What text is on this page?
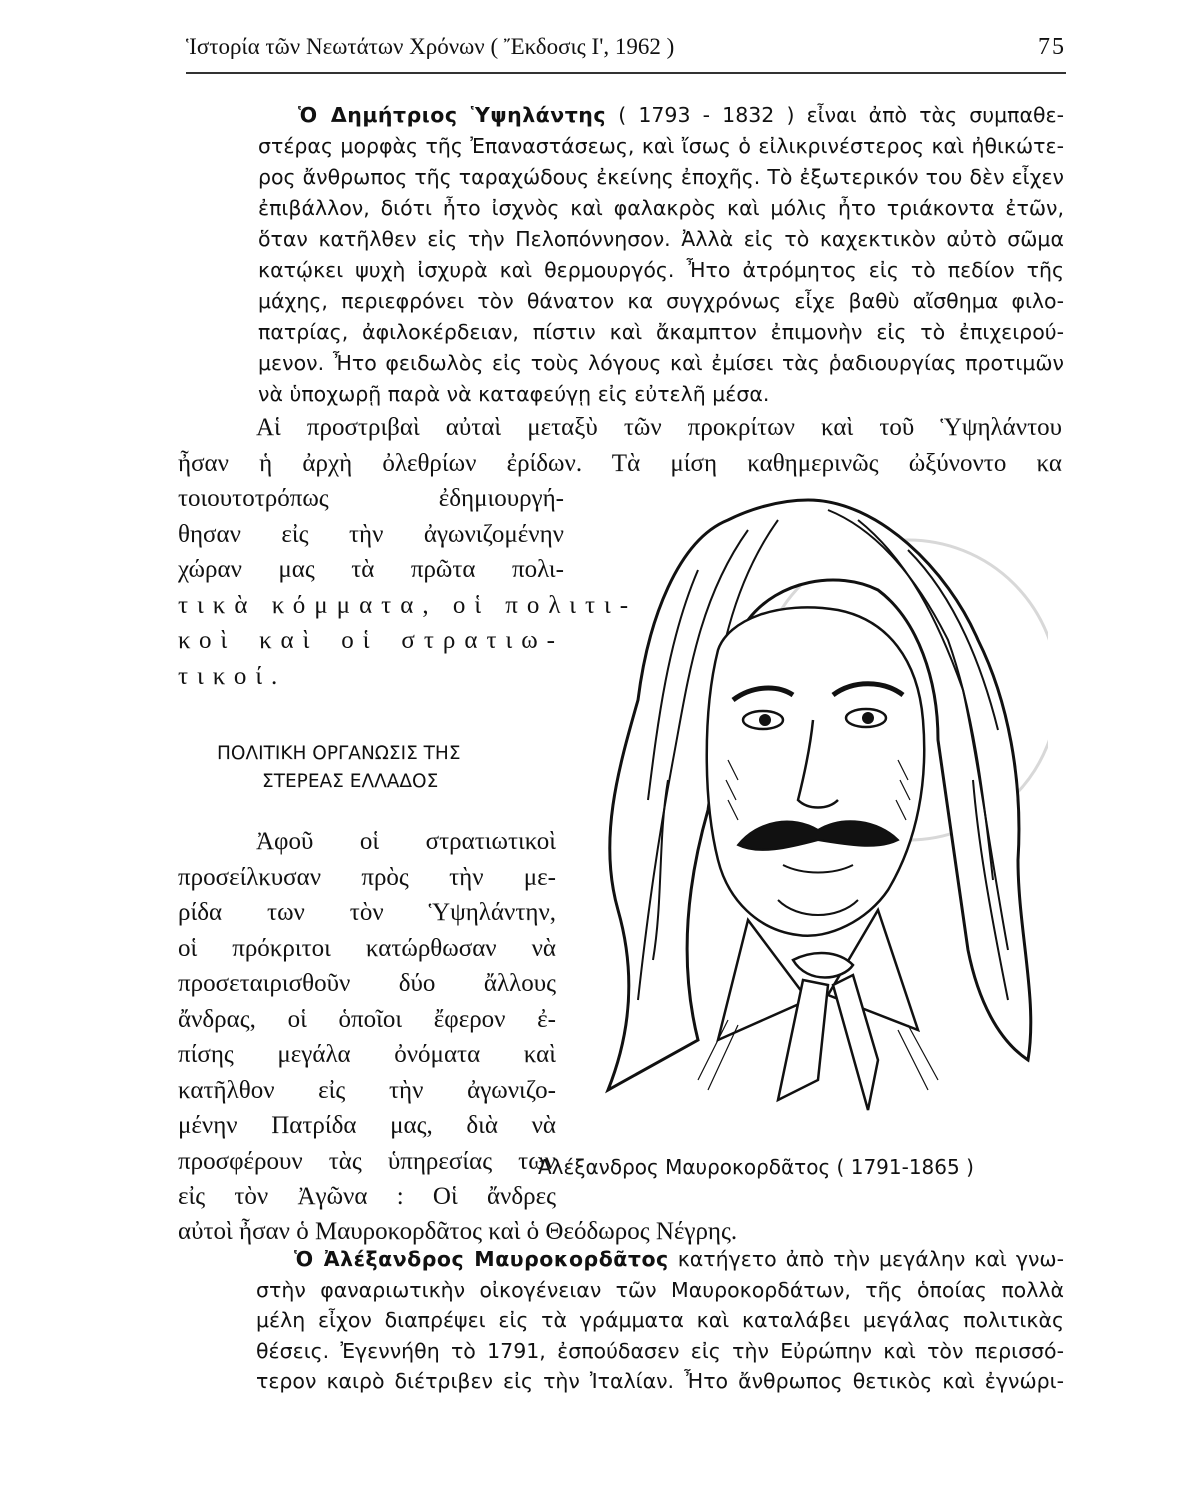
Ἱστορία τῶν Νεωτάτων Χρόνων ( Ἔκδοσις Ι', 1962 )	75
Ὁ Δημήτριος Ὑψηλάντης ( 1793 - 1832 ) εἶναι ἀπὸ τὰς συμπαθε-
στέρας μορφὰς τῆς Ἐπαναστάσεως, καὶ ἴσως ὁ εἰλικρινέστερος καὶ ἠθικώτε-
ρος ἄνθρωπος τῆς ταραχώδους ἐκείνης ἐποχῆς. Τὸ ἐξωτερικόν του δὲν εἶχεν
ἐπιβάλλον, διότι ἦτο ἰσχνὸς καὶ φαλακρὸς καὶ μόλις ἦτο τριάκοντα ἐτῶν,
ὅταν κατῆλθεν εἰς τὴν Πελοπόννησον. Ἀλλὰ εἰς τὸ καχεκτικὸν αὐτὸ σῶμα
κατῴκει ψυχὴ ἰσχυρὰ καὶ θερμουργός. Ἦτο ἀτρόμητος εἰς τὸ πεδίον τῆς
μάχης, περιεφρόνει τὸν θάνατον κα συγχρόνως εἶχε βαθὺ αἴσθημα φιλο-
πατρίας, ἀφιλοκέρδειαν, πίστιν καὶ ἄκαμπτον ἐπιμονὴν εἰς τὸ ἐπιχειρού-
μενον. Ἦτο φειδωλὸς εἰς τοὺς λόγους καὶ ἐμίσει τὰς ῥαδιουργίας προτιμῶν
νὰ ὑποχωρῇ παρὰ νὰ καταφεύγῃ εἰς εὐτελῆ μέσα.
Αἱ προστριβαὶ αὐταὶ μεταξὺ τῶν προκρίτων καὶ τοῦ Ὑψηλάντου
ἦσαν ἡ ἀρχὴ ὀλεθρίων ἐρίδων. Τὰ μίση καθημερινῶς ὠξύνοντο κα
τοιουτοτρόπως ἐδημιουργή-
θησαν εἰς τὴν ἀγωνιζομένην
χώραν μας τὰ πρῶτα πολι-
τικὰ κόμματα, οἱ πολιτι-
κοὶ καὶ οἱ στρατιω-
τικοί.
ΠΟΛΙΤΙΚΗ ΟΡΓΑΝΩΣΙΣ ΤΗΣ
ΣΤΕΡΕΑΣ ΕΛΛΑΔΟΣ
Ἀφοῦ οἱ στρατιωτικοὶ
προσείλκυσαν πρὸς τὴν με-
ρίδα των τὸν Ὑψηλάντην,
οἱ πρόκριτοι κατώρθωσαν νὰ
προσεταιρισθοῦν δύο ἄλλους
ἄνδρας, οἱ ὁποῖοι ἔφερον ἐ-
πίσης μεγάλα ὀνόματα καὶ
κατῆλθον εἰς τὴν ἀγωνιζο-
μένην Πατρίδα μας, διὰ νὰ
προσφέρουν τὰς ὑπηρεσίας των
εἰς τὸν Ἀγῶνα : Οἱ ἄνδρες
αὐτοὶ ἦσαν ὁ Μαυροκορδᾶτος καὶ ὁ Θεόδωρος Νέγρης.
Ἀλέξανδρος Μαυροκορδᾶτος ( 1791-1865 )
Ὁ Ἀλέξανδρος Μαυροκορδᾶτος κατήγετο ἀπὸ τὴν μεγάλην καὶ γνω-
στὴν φαναριωτικὴν οἰκογένειαν τῶν Μαυροκορδάτων, τῆς ὁποίας πολλὰ
μέλη εἶχον διαπρέψει εἰς τὰ γράμματα καὶ καταλάβει μεγάλας πολιτικὰς
θέσεις. Ἐγεννήθη τὸ 1791, ἐσπούδασεν εἰς τὴν Εὐρώπην καὶ τὸν περισσό-
τερον καιρὸ διέτριβεν εἰς τὴν Ἰταλίαν. Ἦτο ἄνθρωπος θετικὸς καὶ ἐγνώρι-
